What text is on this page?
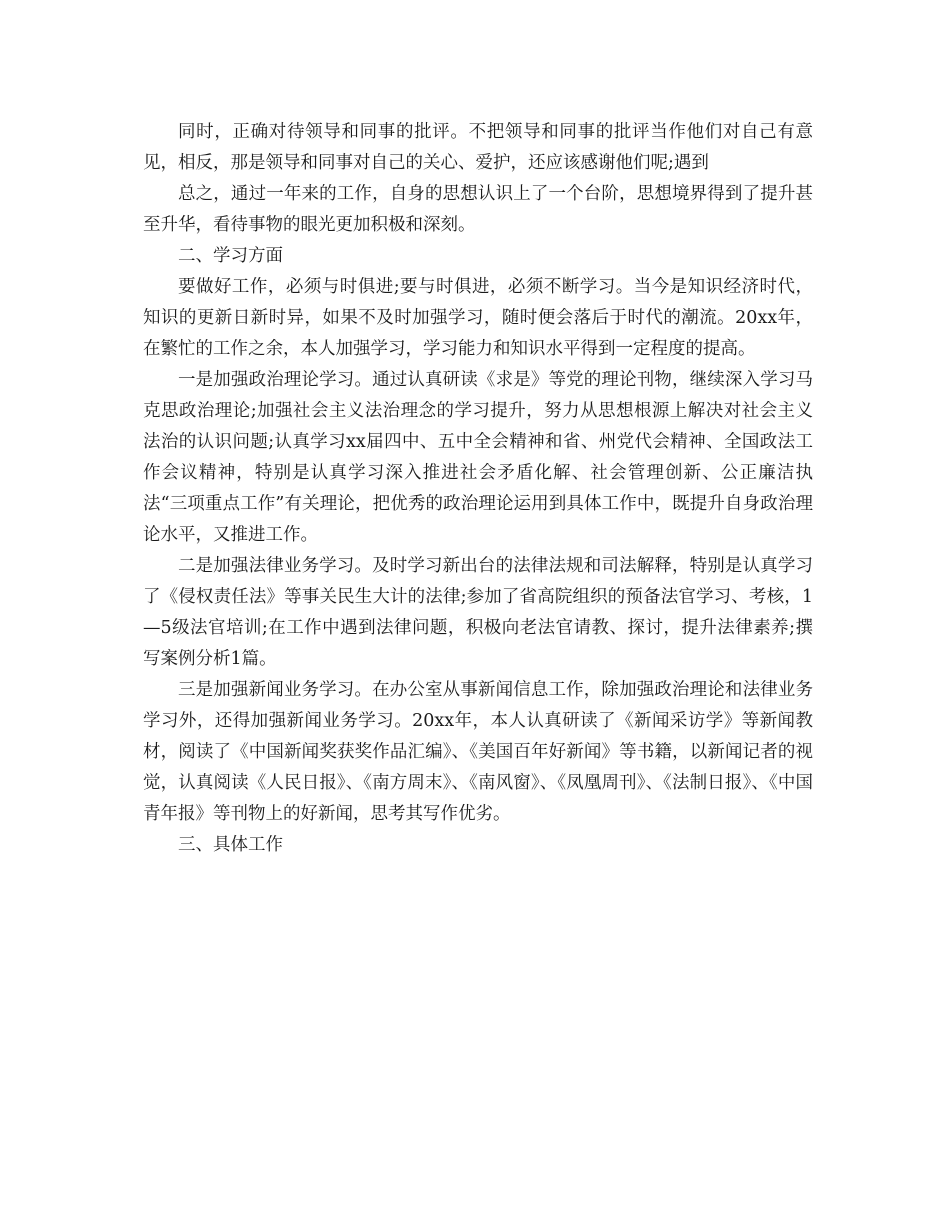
同时，正确对待领导和同事的批评。不把领导和同事的批评当作他们对自己有意见，相反，那是领导和同事对自己的关心、爱护，还应该感谢他们呢;遇到

总之，通过一年来的工作，自身的思想认识上了一个台阶，思想境界得到了提升甚至升华，看待事物的眼光更加积极和深刻。

二、学习方面

要做好工作，必须与时俱进;要与时俱进，必须不断学习。当今是知识经济时代，知识的更新日新时异，如果不及时加强学习，随时便会落后于时代的潮流。20xx年，在繁忙的工作之余，本人加强学习，学习能力和知识水平得到一定程度的提高。

一是加强政治理论学习。通过认真研读《求是》等党的理论刊物，继续深入学习马克思政治理论;加强社会主义法治理念的学习提升，努力从思想根源上解决对社会主义法治的认识问题;认真学习xx届四中、五中全会精神和省、州党代会精神、全国政法工作会议精神，特别是认真学习深入推进社会矛盾化解、社会管理创新、公正廉洁执法“三项重点工作”有关理论，把优秀的政治理论运用到具体工作中，既提升自身政治理论水平，又推进工作。

二是加强法律业务学习。及时学习新出台的法律法规和司法解释，特别是认真学习了《侵权责任法》等事关民生大计的法律;参加了省高院组织的预备法官学习、考核，1—5级法官培训;在工作中遇到法律问题，积极向老法官请教、探讨，提升法律素养;撰写案例分析1篇。

三是加强新闻业务学习。在办公室从事新闻信息工作，除加强政治理论和法律业务学习外，还得加强新闻业务学习。20xx年，本人认真研读了《新闻采访学》等新闻教材，阅读了《中国新闻奖获奖作品汇编》、《美国百年好新闻》等书籍，以新闻记者的视觉，认真阅读《人民日报》、《南方周末》、《南风窗》、《凤凰周刊》、《法制日报》、《中国青年报》等刊物上的好新闻，思考其写作优劣。

三、具体工作
